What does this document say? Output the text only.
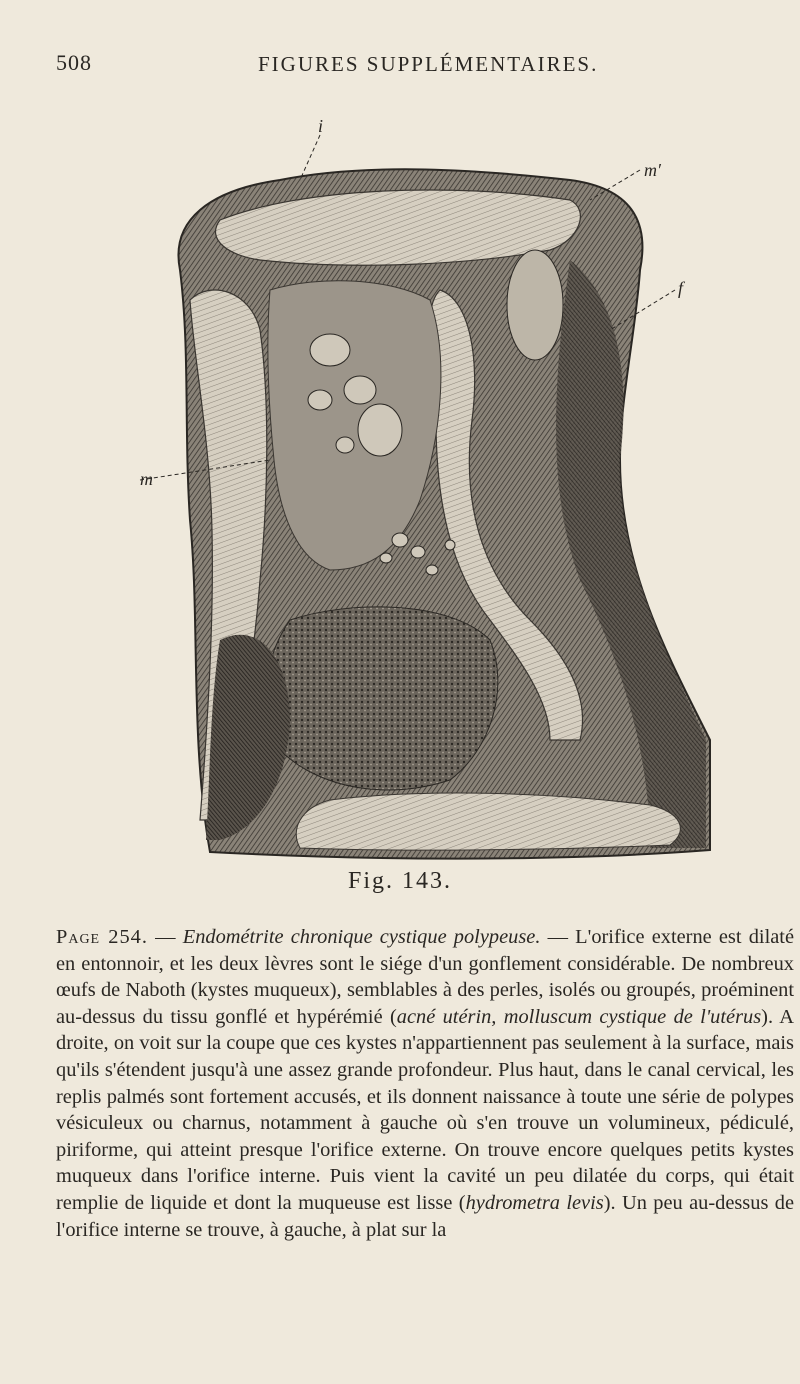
508	FIGURES SUPPLÉMENTAIRES.
i
m′
f
m
Fig. 143.

Page 254. — Endométrite chronique cystique polypeuse. — L'orifice externe est dilaté en entonnoir, et les deux lèvres sont le siége d'un gonflement considérable. De nombreux œufs de Naboth (kystes muqueux), semblables à des perles, isolés ou groupés, proéminent au-dessus du tissu gonflé et hypérémié (acné utérin, molluscum cystique de l'utérus). A droite, on voit sur la coupe que ces kystes n'appartiennent pas seulement à la surface, mais qu'ils s'étendent jusqu'à une assez grande profondeur. Plus haut, dans le canal cervical, les replis palmés sont fortement accusés, et ils donnent naissance à toute une série de polypes vésiculeux ou charnus, notamment à gauche où s'en trouve un volumineux, pédiculé, piriforme, qui atteint presque l'orifice externe. On trouve encore quelques petits kystes muqueux dans l'orifice interne. Puis vient la cavité un peu dilatée du corps, qui était remplie de liquide et dont la muqueuse est lisse (hydrometra levis). Un peu au-dessus de l'orifice interne se trouve, à gauche, à plat sur la
